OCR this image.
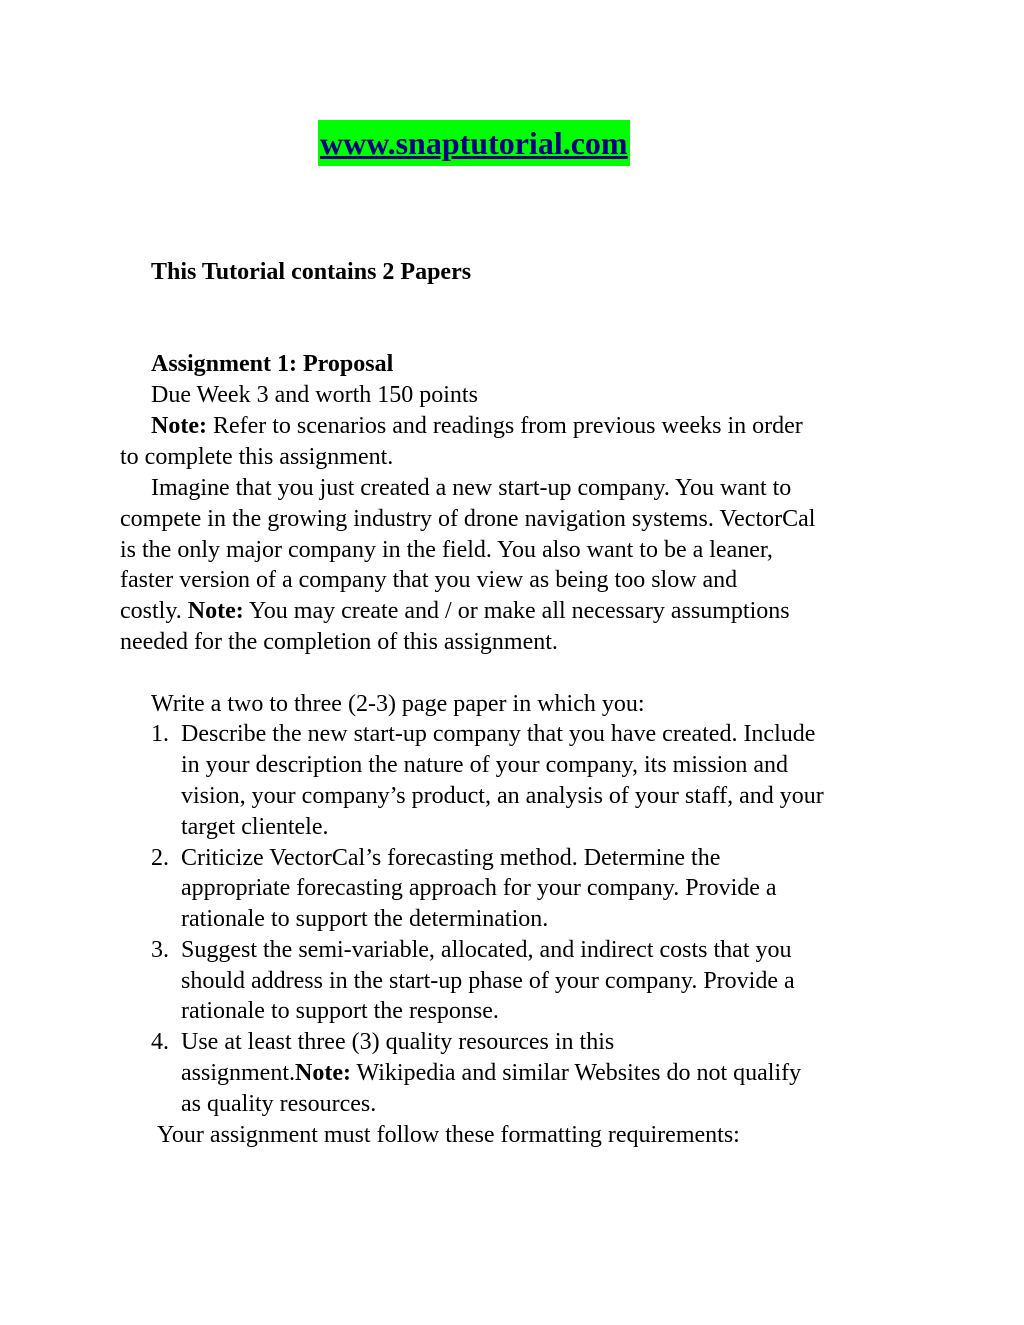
www.snaptutorial.com
This Tutorial contains 2 Papers
Assignment 1: Proposal
Due Week 3 and worth 150 points
Note: Refer to scenarios and readings from previous weeks in order
to complete this assignment.
Imagine that you just created a new start-up company. You want to
compete in the growing industry of drone navigation systems. VectorCal
is the only major company in the field. You also want to be a leaner,
faster version of a company that you view as being too slow and
costly. Note: You may create and / or make all necessary assumptions
needed for the completion of this assignment.
Write a two to three (2-3) page paper in which you:
1. Describe the new start-up company that you have created. Include
in your description the nature of your company, its mission and
vision, your company’s product, an analysis of your staff, and your
target clientele.
2. Criticize VectorCal’s forecasting method. Determine the
appropriate forecasting approach for your company. Provide a
rationale to support the determination.
3. Suggest the semi-variable, allocated, and indirect costs that you
should address in the start-up phase of your company. Provide a
rationale to support the response.
4. Use at least three (3) quality resources in this
assignment.Note: Wikipedia and similar Websites do not qualify
as quality resources.
Your assignment must follow these formatting requirements:
